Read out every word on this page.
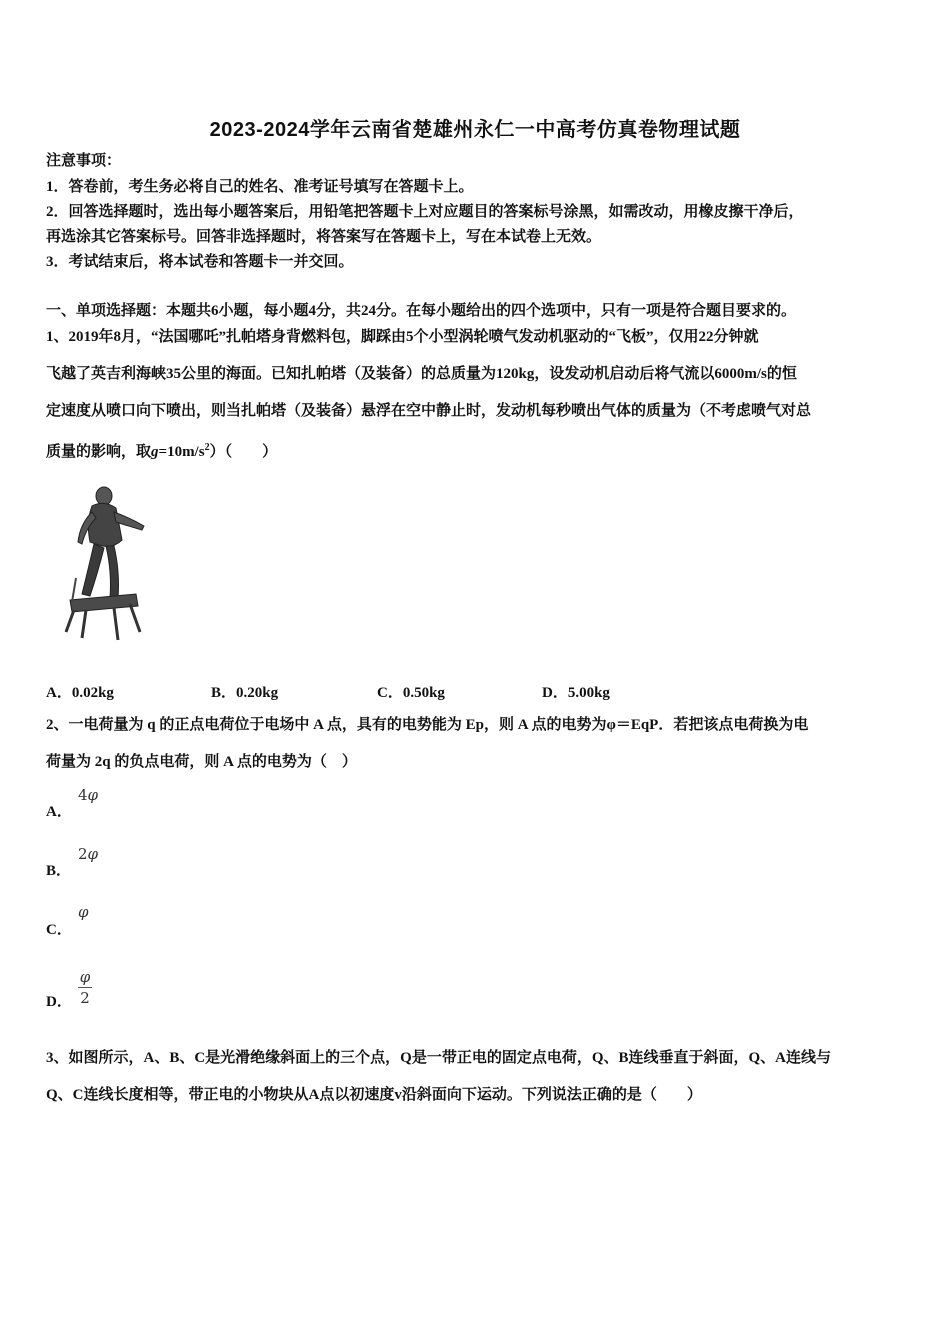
2023-2024学年云南省楚雄州永仁一中高考仿真卷物理试题
注意事项：
1．答卷前，考生务必将自己的姓名、准考证号填写在答题卡上。
2．回答选择题时，选出每小题答案后，用铅笔把答题卡上对应题目的答案标号涂黑，如需改动，用橡皮擦干净后，
再选涂其它答案标号。回答非选择题时，将答案写在答题卡上，写在本试卷上无效。
3．考试结束后，将本试卷和答题卡一并交回。
一、单项选择题：本题共6小题，每小题4分，共24分。在每小题给出的四个选项中，只有一项是符合题目要求的。
1、2019年8月，“法国哪吒”扎帕塔身背燃料包，脚踩由5个小型涡轮喷气发动机驱动的“飞板”，仅用22分钟就
飞越了英吉利海峡35公里的海面。已知扎帕塔（及装备）的总质量为120kg，设发动机启动后将气流以6000m/s的恒
定速度从喷口向下喷出，则当扎帕塔（及装备）悬浮在空中静止时，发动机每秒喷出气体的质量为（不考虑喷气对总
质量的影响，取$g=10m/s^2$）（　　）
A．0.02kg	B．0.20kg	C．0.50kg	D．5.00kg
2、一电荷量为 q 的正点电荷位于电场中 A 点，具有的电势能为 Ep，则 A 点的电势为φ＝EqP．若把该点电荷换为电
荷量为 2q 的负点电荷，则 A 点的电势为（　）
A．
4φ
B．
2φ
C．
φ
D．
φ
2
3、如图所示，A、B、C是光滑绝缘斜面上的三个点，Q是一带正电的固定点电荷，Q、B连线垂直于斜面，Q、A连线与
Q、C连线长度相等，带正电的小物块从A点以初速度v沿斜面向下运动。下列说法正确的是（　　）
